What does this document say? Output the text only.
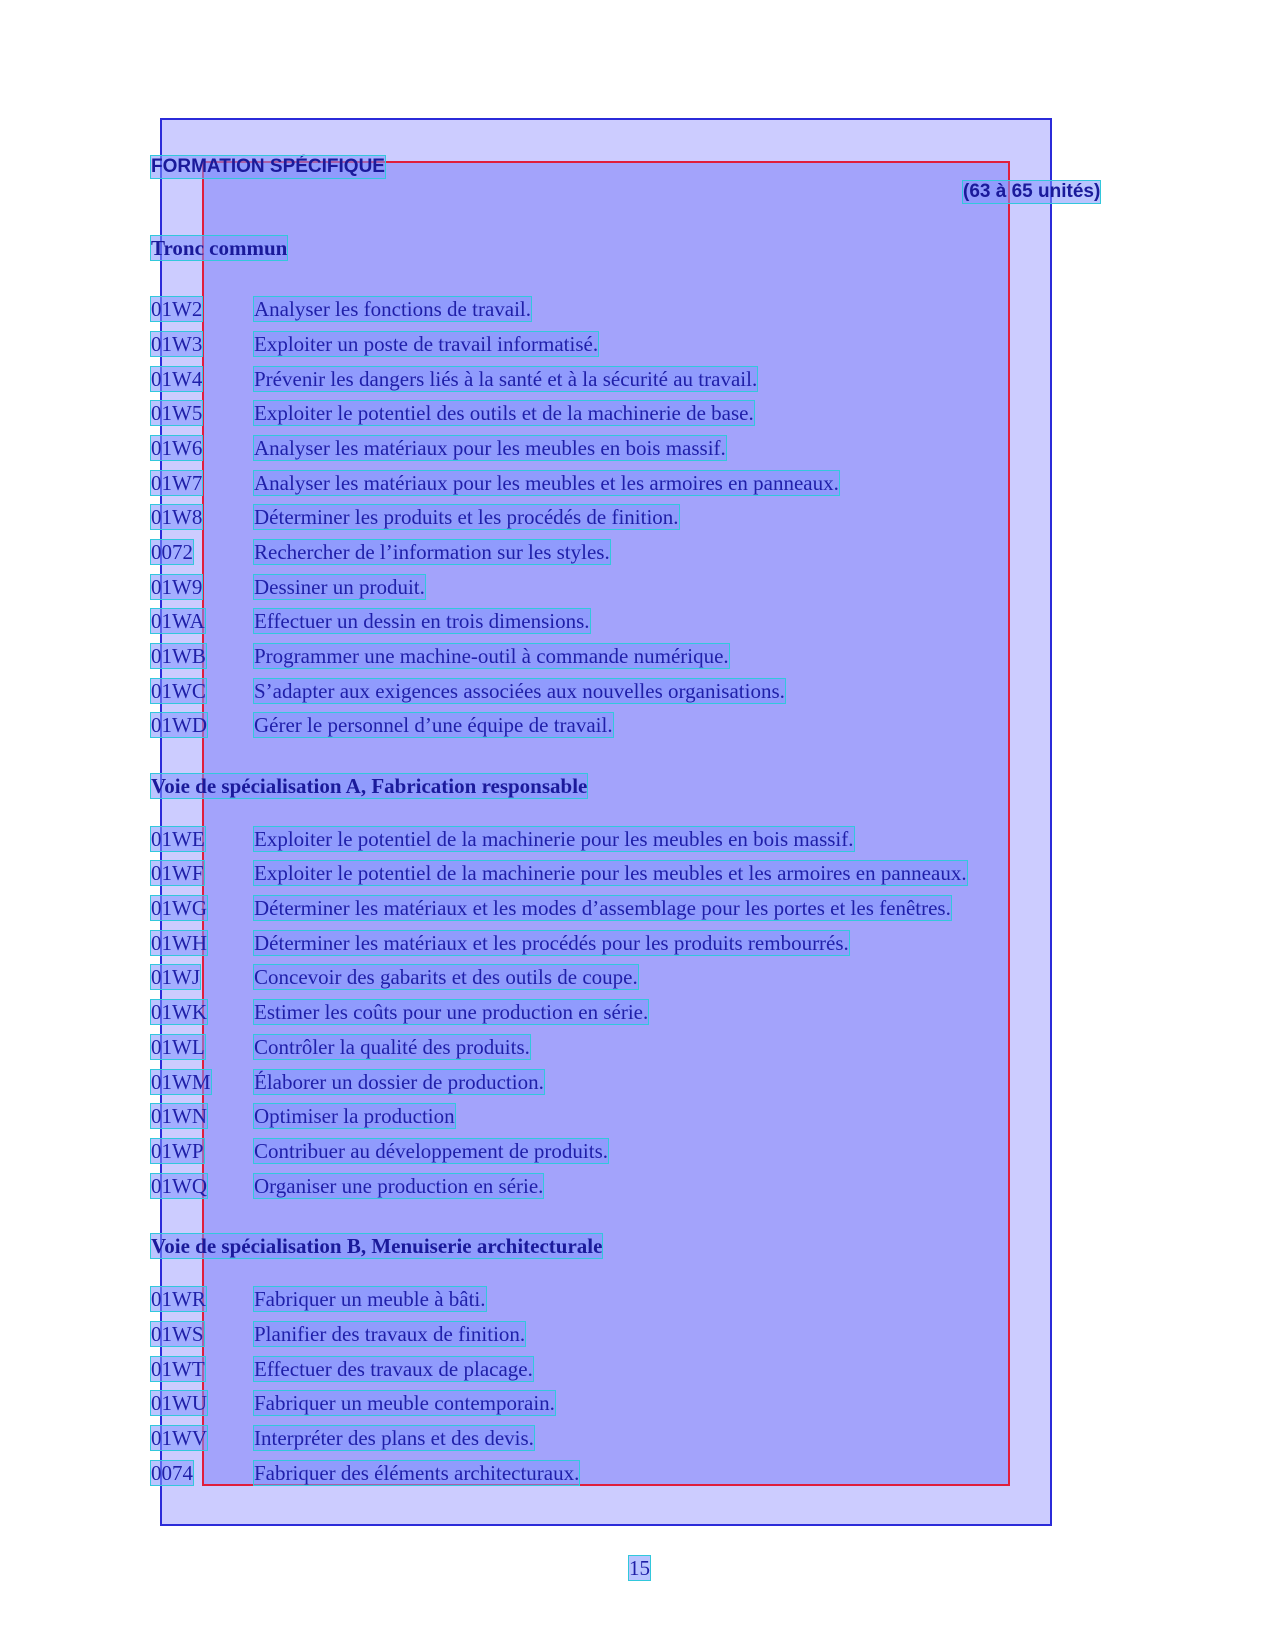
FORMATION SPÉCIFIQUE
(63 à 65 unités)
Tronc commun
01W2 Analyser les fonctions de travail.
01W3 Exploiter un poste de travail informatisé.
01W4 Prévenir les dangers liés à la santé et à la sécurité au travail.
01W5 Exploiter le potentiel des outils et de la machinerie de base.
01W6 Analyser les matériaux pour les meubles en bois massif.
01W7 Analyser les matériaux pour les meubles et les armoires en panneaux.
01W8 Déterminer les produits et les procédés de finition.
0072	Rechercher de l’information sur les styles.
01W9 Dessiner un produit.
01WA Effectuer un dessin en trois dimensions.
01WB Programmer une machine-outil à commande numérique.
01WC S’adapter aux exigences associées aux nouvelles organisations.
01WD Gérer le personnel d’une équipe de travail.
Voie de spécialisation A, Fabrication responsable
01WE Exploiter le potentiel de la machinerie pour les meubles en bois massif.
01WF Exploiter le potentiel de la machinerie pour les meubles et les armoires en panneaux.
01WG Déterminer les matériaux et les modes d’assemblage pour les portes et les fenêtres.
01WH Déterminer les matériaux et les procédés pour les produits rembourrés.
01WJ	Concevoir des gabarits et des outils de coupe.
01WK Estimer les coûts pour une production en série.
01WL Contrôler la qualité des produits.
01WM Élaborer un dossier de production.
01WN Optimiser la production
01WP Contribuer au développement de produits.
01WQ Organiser une production en série.
Voie de spécialisation B, Menuiserie architecturale
01WR Fabriquer un meuble à bâti.
01WS Planifier des travaux de finition.
01WT Effectuer des travaux de placage.
01WU Fabriquer un meuble contemporain.
01WV Interpréter des plans et des devis.
0074	Fabriquer des éléments architecturaux.
15
